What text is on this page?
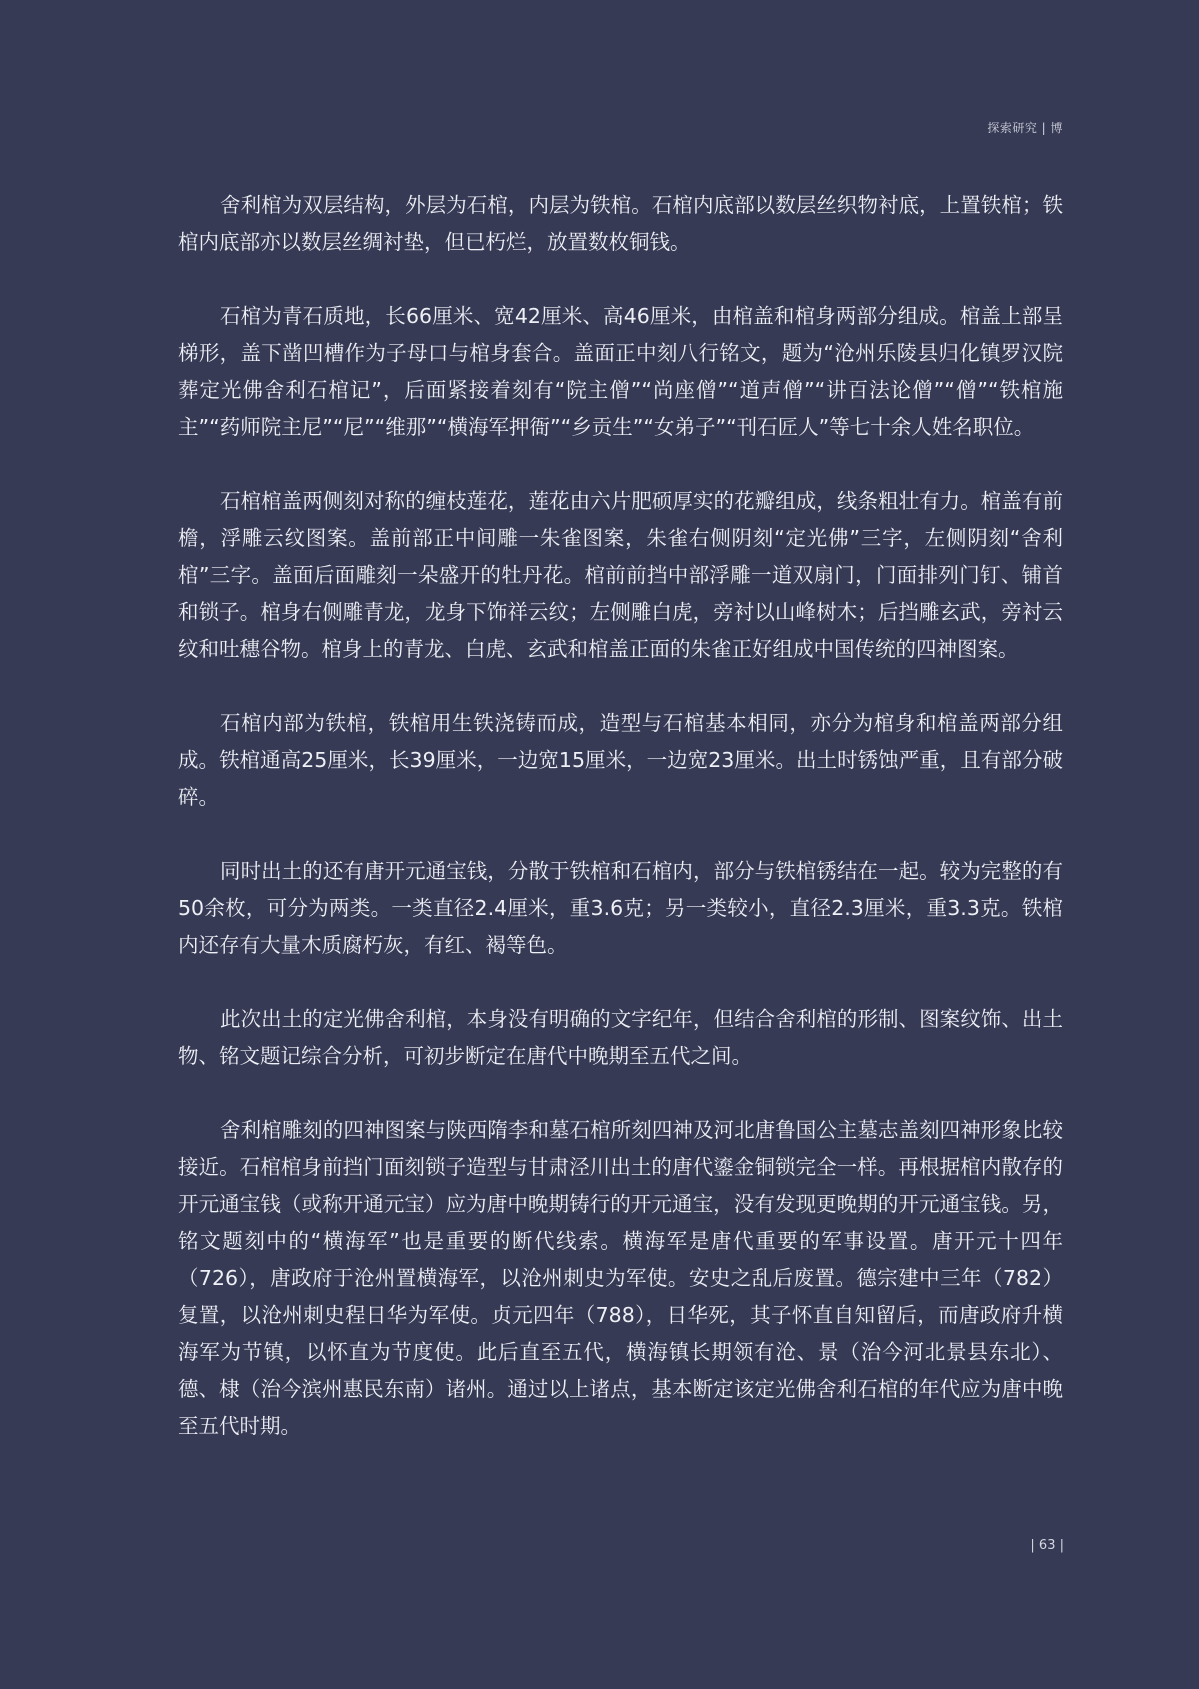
探索研究 | 博

舍利棺为双层结构，外层为石棺，内层为铁棺。石棺内底部以数层丝织物衬底，上置铁棺；铁棺内底部亦以数层丝绸衬垫，但已朽烂，放置数枚铜钱。

石棺为青石质地，长66厘米、宽42厘米、高46厘米，由棺盖和棺身两部分组成。棺盖上部呈梯形，盖下凿凹槽作为子母口与棺身套合。盖面正中刻八行铭文，题为“沧州乐陵县归化镇罗汉院葬定光佛舍利石棺记”，后面紧接着刻有“院主僧”“尚座僧”“道声僧”“讲百法论僧”“僧”“铁棺施主”“药师院主尼”“尼”“维那”“横海军押衙”“乡贡生”“女弟子”“刊石匠人”等七十余人姓名职位。

石棺棺盖两侧刻对称的缠枝莲花，莲花由六片肥硕厚实的花瓣组成，线条粗壮有力。棺盖有前檐，浮雕云纹图案。盖前部正中间雕一朱雀图案，朱雀右侧阴刻“定光佛”三字，左侧阴刻“舍利棺”三字。盖面后面雕刻一朵盛开的牡丹花。棺前前挡中部浮雕一道双扇门，门面排列门钉、铺首和锁子。棺身右侧雕青龙，龙身下饰祥云纹；左侧雕白虎，旁衬以山峰树木；后挡雕玄武，旁衬云纹和吐穗谷物。棺身上的青龙、白虎、玄武和棺盖正面的朱雀正好组成中国传统的四神图案。

石棺内部为铁棺，铁棺用生铁浇铸而成，造型与石棺基本相同，亦分为棺身和棺盖两部分组成。铁棺通高25厘米，长39厘米，一边宽15厘米，一边宽23厘米。出土时锈蚀严重，且有部分破碎。

同时出土的还有唐开元通宝钱，分散于铁棺和石棺内，部分与铁棺锈结在一起。较为完整的有50余枚，可分为两类。一类直径2.4厘米，重3.6克；另一类较小，直径2.3厘米，重3.3克。铁棺内还存有大量木质腐朽灰，有红、褐等色。

此次出土的定光佛舍利棺，本身没有明确的文字纪年，但结合舍利棺的形制、图案纹饰、出土物、铭文题记综合分析，可初步断定在唐代中晚期至五代之间。

舍利棺雕刻的四神图案与陕西隋李和墓石棺所刻四神及河北唐鲁国公主墓志盖刻四神形象比较接近。石棺棺身前挡门面刻锁子造型与甘肃泾川出土的唐代鎏金铜锁完全一样。再根据棺内散存的开元通宝钱（或称开通元宝）应为唐中晚期铸行的开元通宝，没有发现更晚期的开元通宝钱。另，铭文题刻中的“横海军”也是重要的断代线索。横海军是唐代重要的军事设置。唐开元十四年（726），唐政府于沧州置横海军，以沧州刺史为军使。安史之乱后废置。德宗建中三年（782）复置，以沧州刺史程日华为军使。贞元四年（788），日华死，其子怀直自知留后，而唐政府升横海军为节镇，以怀直为节度使。此后直至五代，横海镇长期领有沧、景（治今河北景县东北）、德、棣（治今滨州惠民东南）诸州。通过以上诸点，基本断定该定光佛舍利石棺的年代应为唐中晚至五代时期。

| 63 |
